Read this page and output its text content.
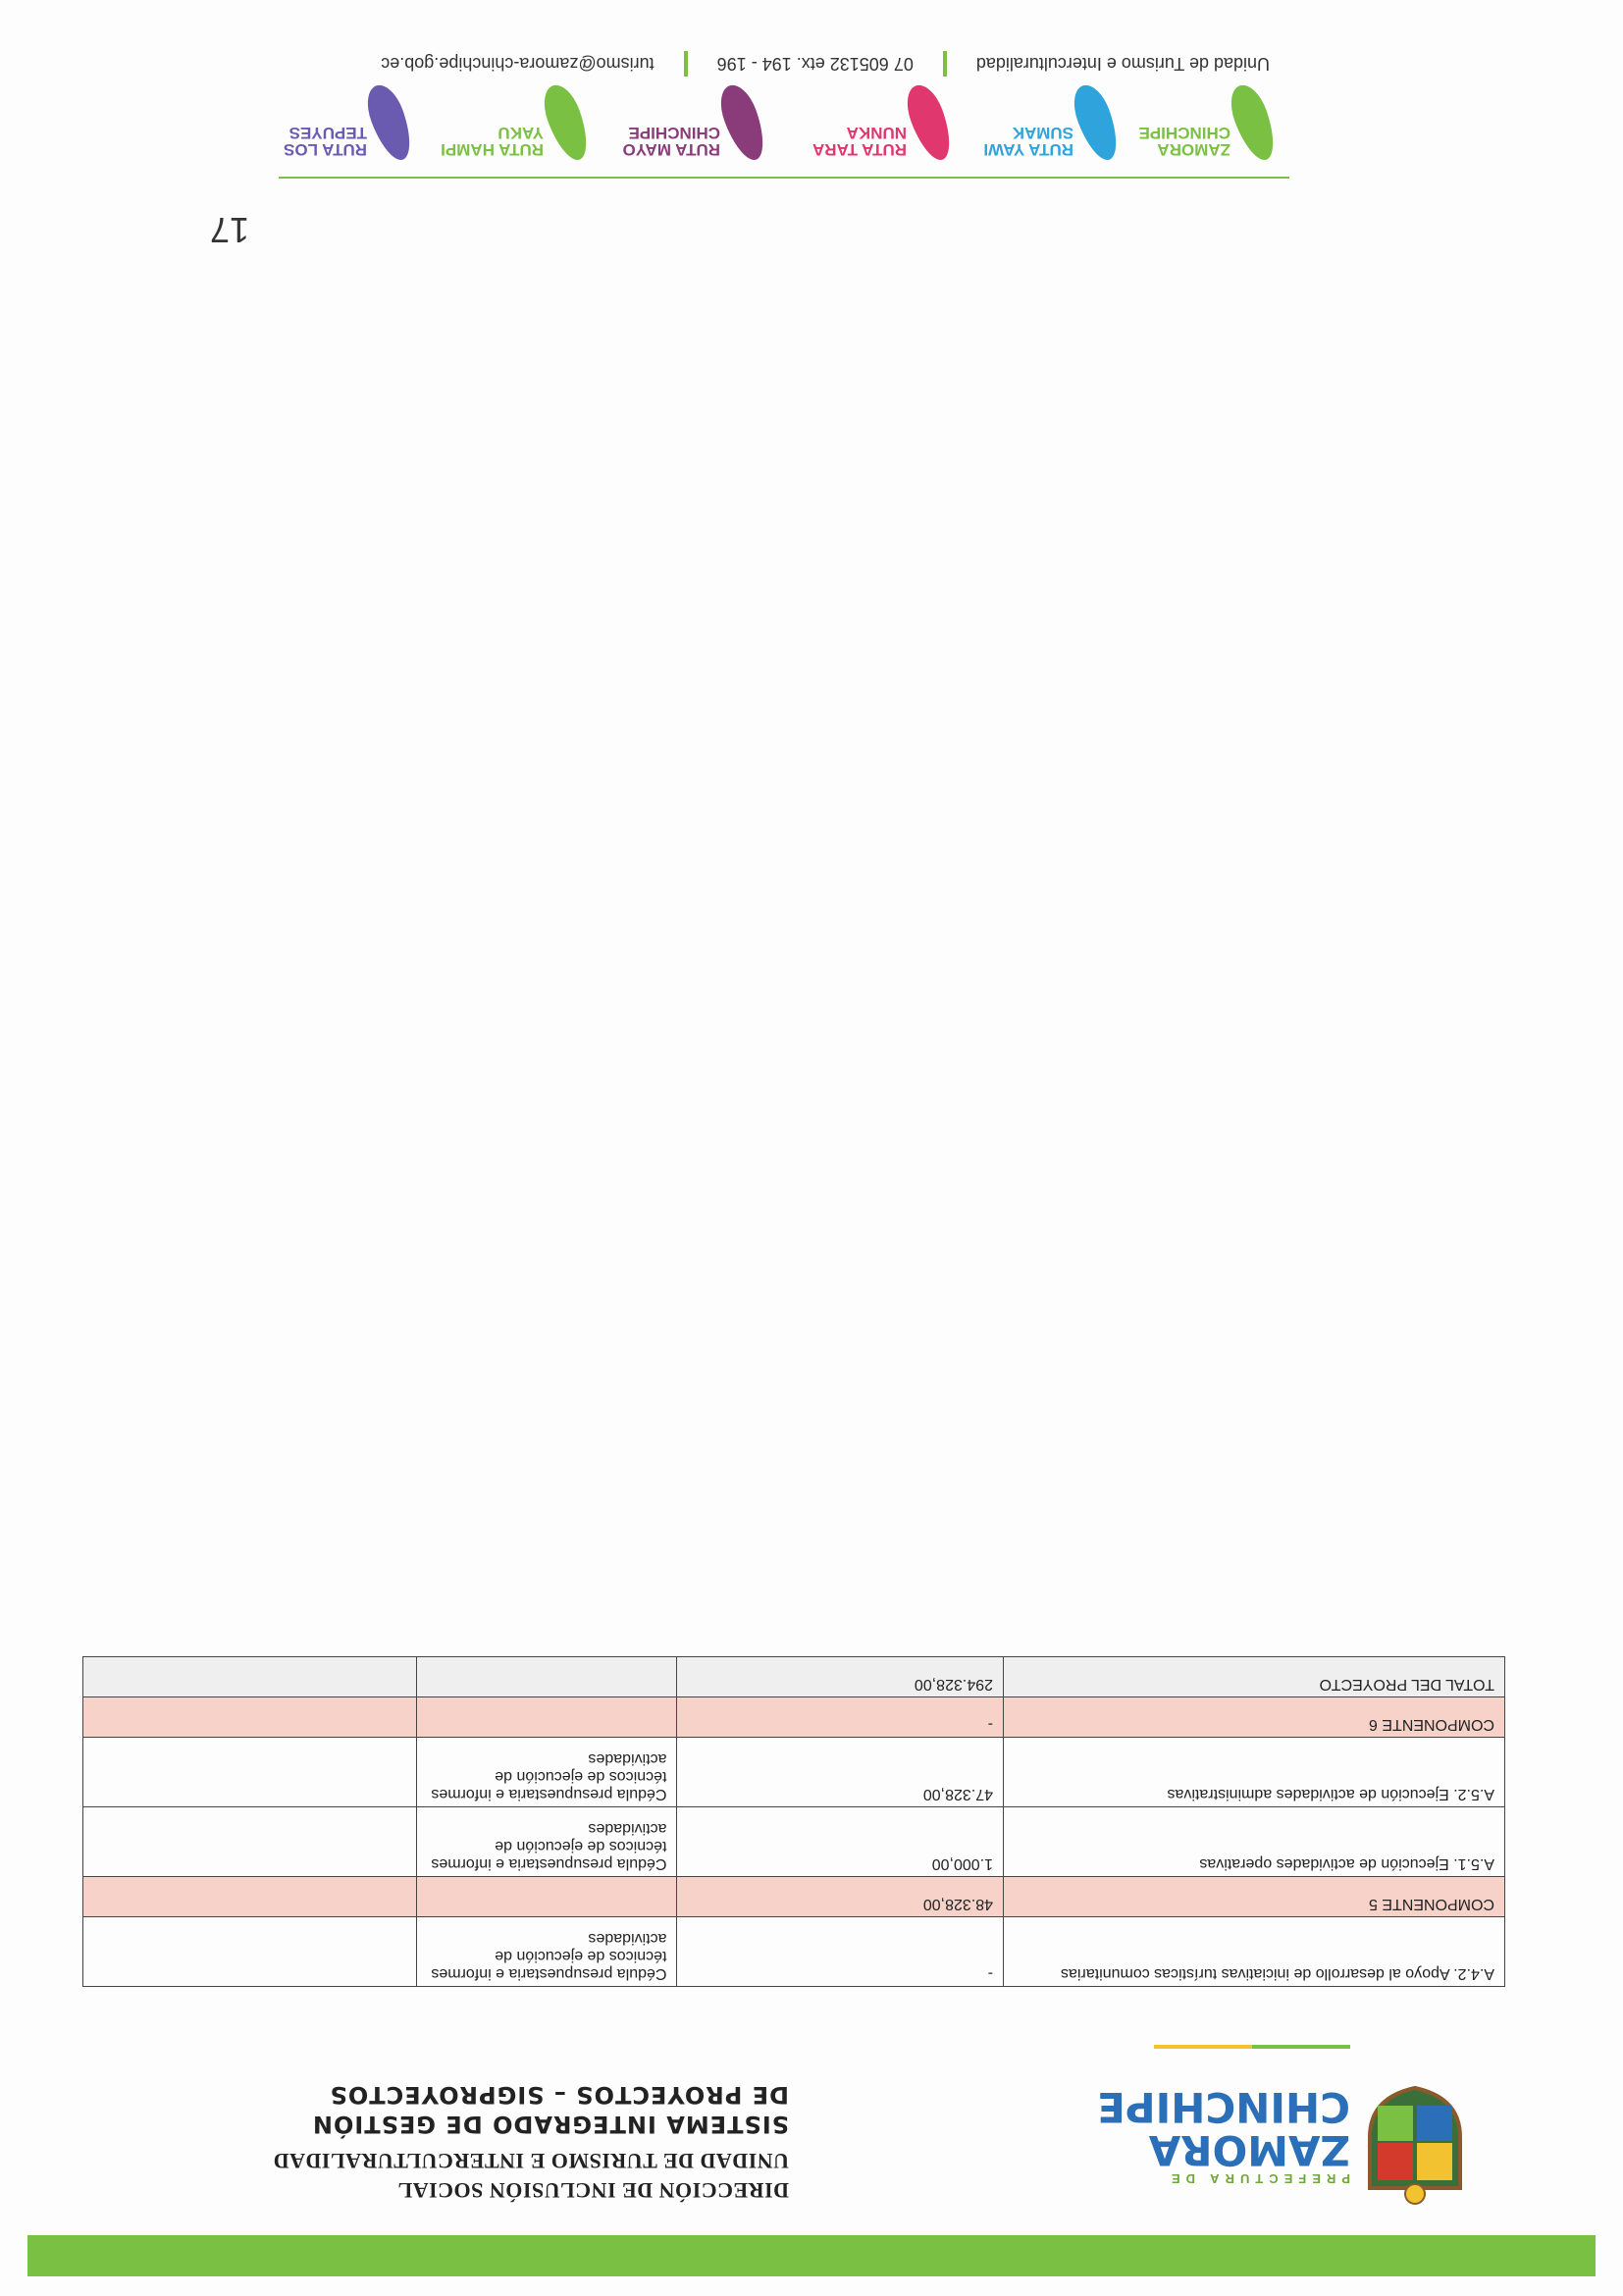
PREFECTURA DE
ZAMORA
CHINCHIPE
DIRECCIÓN DE INCLUSIÓN SOCIAL
UNIDAD DE TURISMO E INTERCULTURALIDAD
SISTEMA INTEGRADO DE GESTIÓN
DE PROYECTOS – SIGPROYECTOS
A.4.2. Apoyo al desarrollo de iniciativas turísticas comunitarias	-	Cédula presupuestaria e informes técnicos de ejecución de actividades	
COMPONENTE 5	48.328,00		
A.5.1. Ejecución de actividades operativas	1.000,00	Cédula presupuestaria e informes técnicos de ejecución de actividades	
A.5.2. Ejecución de actividades administrativas	47.328,00	Cédula presupuestaria e informes técnicos de ejecución de actividades	
COMPONENTE 6	-		
TOTAL DEL PROYECTO	294.328,00		
17
ZAMORA CHINCHIPE
RUTA YAWI SUMAK
RUTA TARA NUNKA
RUTA MAYO CHINCHIPE
RUTA HAMPI YAKU
RUTA LOS TEPUYES
Unidad de Turismo e Interculturalidad
07 605132 etx. 194 - 196
turismo@zamora-chinchipe.gob.ec
